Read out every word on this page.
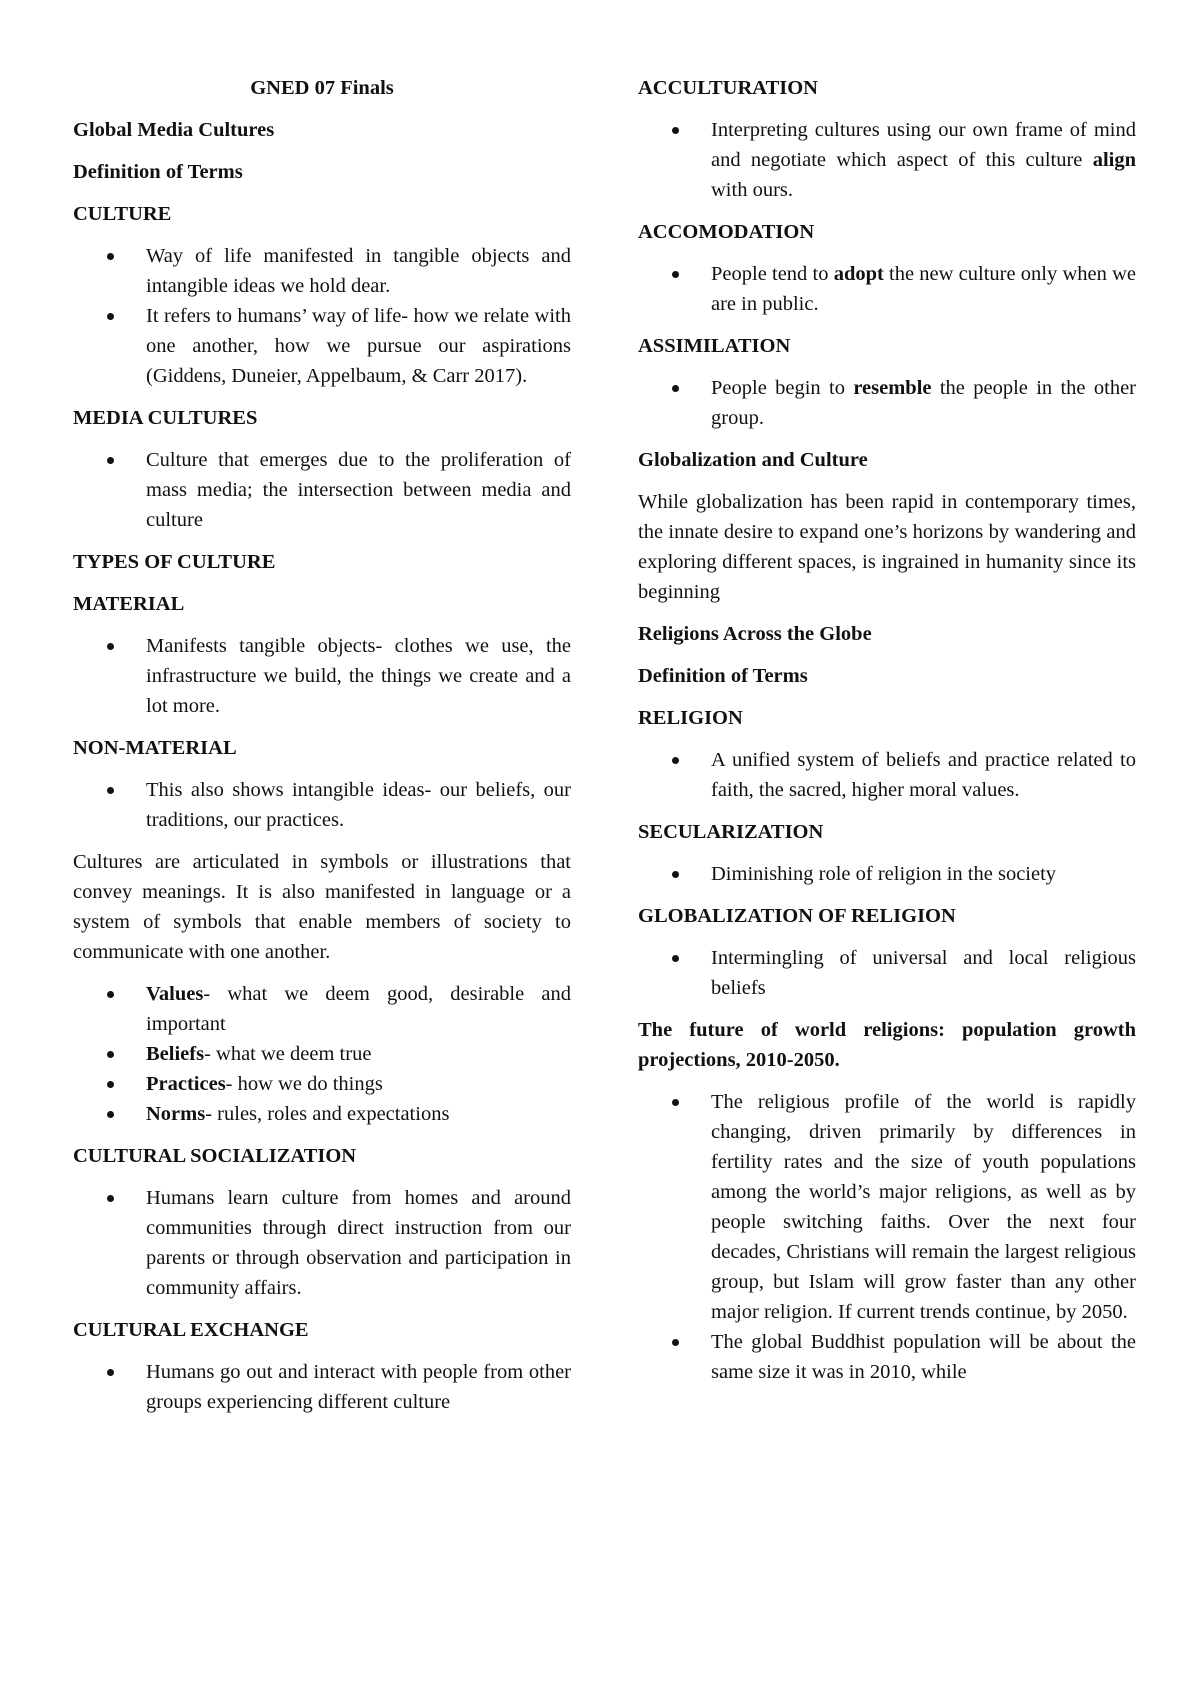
GNED 07 Finals

Global Media Cultures

Definition of Terms

CULTURE

Way of life manifested in tangible objects and intangible ideas we hold dear.
It refers to humans’ way of life- how we relate with one another, how we pursue our aspirations (Giddens, Duneier, Appelbaum, & Carr 2017).

MEDIA CULTURES

Culture that emerges due to the proliferation of mass media; the intersection between media and culture

TYPES OF CULTURE

MATERIAL

Manifests tangible objects- clothes we use, the infrastructure we build, the things we create and a lot more.

NON-MATERIAL

This also shows intangible ideas- our beliefs, our traditions, our practices.

Cultures are articulated in symbols or illustrations that convey meanings. It is also manifested in language or a system of symbols that enable members of society to communicate with one another.

Values- what we deem good, desirable and important
Beliefs- what we deem true
Practices- how we do things
Norms- rules, roles and expectations

CULTURAL SOCIALIZATION

Humans learn culture from homes and around communities through direct instruction from our parents or through observation and participation in community affairs.

CULTURAL EXCHANGE

Humans go out and interact with people from other groups experiencing different culture

ACCULTURATION

Interpreting cultures using our own frame of mind and negotiate which aspect of this culture align with ours.

ACCOMODATION

People tend to adopt the new culture only when we are in public.

ASSIMILATION

People begin to resemble the people in the other group.

Globalization and Culture

While globalization has been rapid in contemporary times, the innate desire to expand one’s horizons by wandering and exploring different spaces, is ingrained in humanity since its beginning

Religions Across the Globe

Definition of Terms

RELIGION

A unified system of beliefs and practice related to faith, the sacred, higher moral values.

SECULARIZATION

Diminishing role of religion in the society

GLOBALIZATION OF RELIGION

Intermingling of universal and local religious beliefs

The future of world religions: population growth projections, 2010-2050.

The religious profile of the world is rapidly changing, driven primarily by differences in fertility rates and the size of youth populations among the world’s major religions, as well as by people switching faiths. Over the next four decades, Christians will remain the largest religious group, but Islam will grow faster than any other major religion. If current trends continue, by 2050.
The global Buddhist population will be about the same size it was in 2010, while
